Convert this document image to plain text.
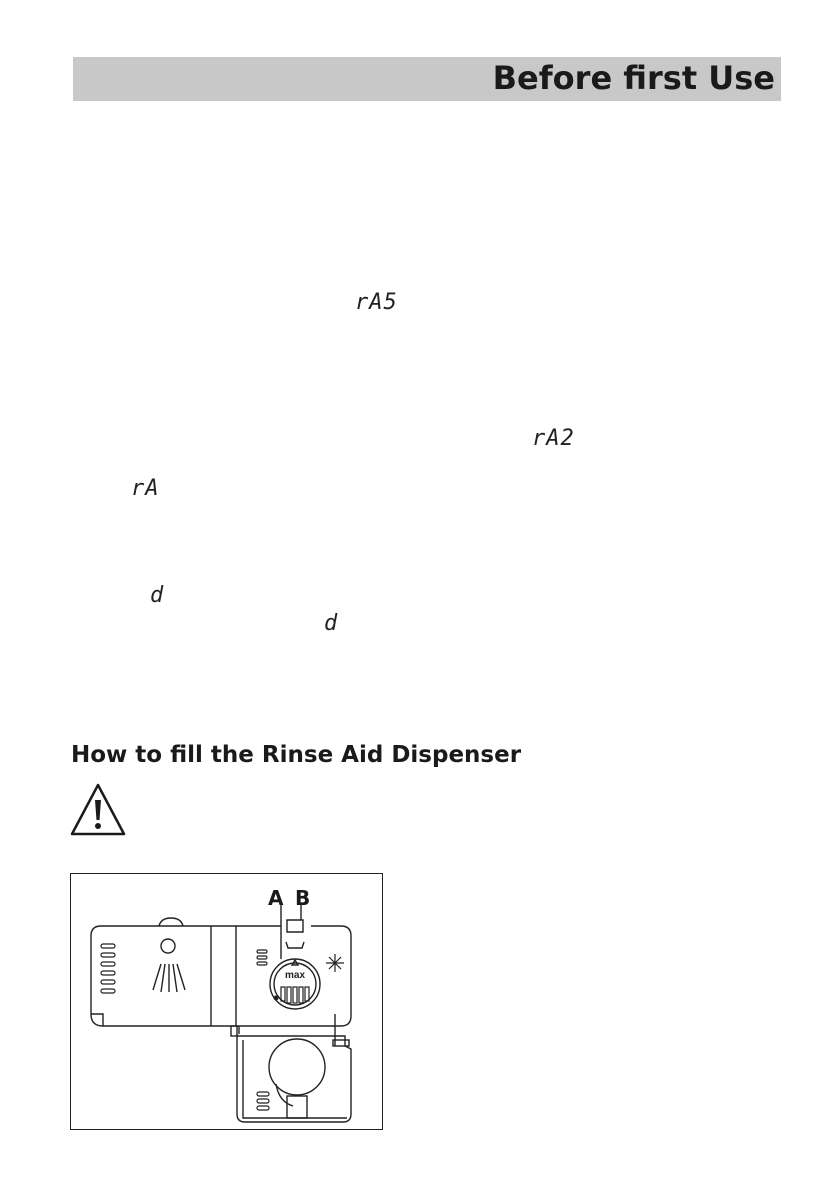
Before first Use
rA5
rA2
rA
d
d
How to fill the Rinse Aid Dispenser
A B
max
